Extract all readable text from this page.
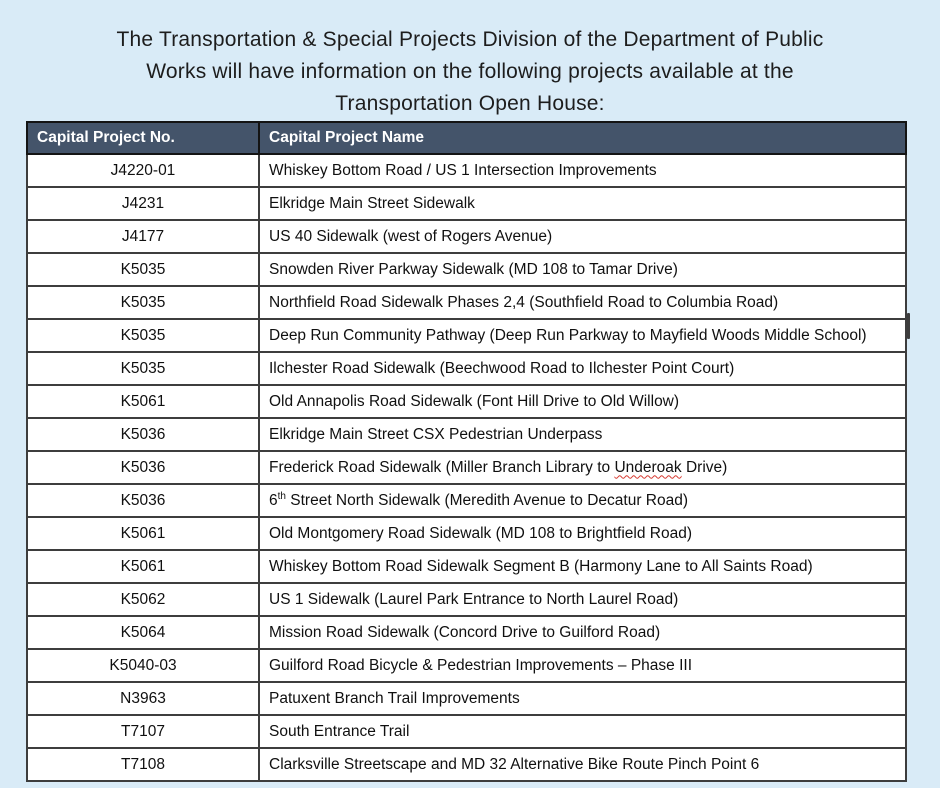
The Transportation & Special Projects Division of the Department of Public
Works will have information on the following projects available at the
Transportation Open House:
Capital Project No.	Capital Project Name
J4220-01	Whiskey Bottom Road / US 1 Intersection Improvements
J4231	Elkridge Main Street Sidewalk
J4177	US 40 Sidewalk (west of Rogers Avenue)
K5035	Snowden River Parkway Sidewalk (MD 108 to Tamar Drive)
K5035	Northfield Road Sidewalk Phases 2,4 (Southfield Road to Columbia Road)
K5035	Deep Run Community Pathway (Deep Run Parkway to Mayfield Woods Middle School)
K5035	Ilchester Road Sidewalk (Beechwood Road to Ilchester Point Court)
K5061	Old Annapolis Road Sidewalk (Font Hill Drive to Old Willow)
K5036	Elkridge Main Street CSX Pedestrian Underpass
K5036	Frederick Road Sidewalk (Miller Branch Library to Underoak Drive)
K5036	6th Street North Sidewalk (Meredith Avenue to Decatur Road)
K5061	Old Montgomery Road Sidewalk (MD 108 to Brightfield Road)
K5061	Whiskey Bottom Road Sidewalk Segment B (Harmony Lane to All Saints Road)
K5062	US 1 Sidewalk (Laurel Park Entrance to North Laurel Road)
K5064	Mission Road Sidewalk (Concord Drive to Guilford Road)
K5040-03	Guilford Road Bicycle & Pedestrian Improvements – Phase III
N3963	Patuxent Branch Trail Improvements
T7107	South Entrance Trail
T7108	Clarksville Streetscape and MD 32 Alternative Bike Route Pinch Point 6
